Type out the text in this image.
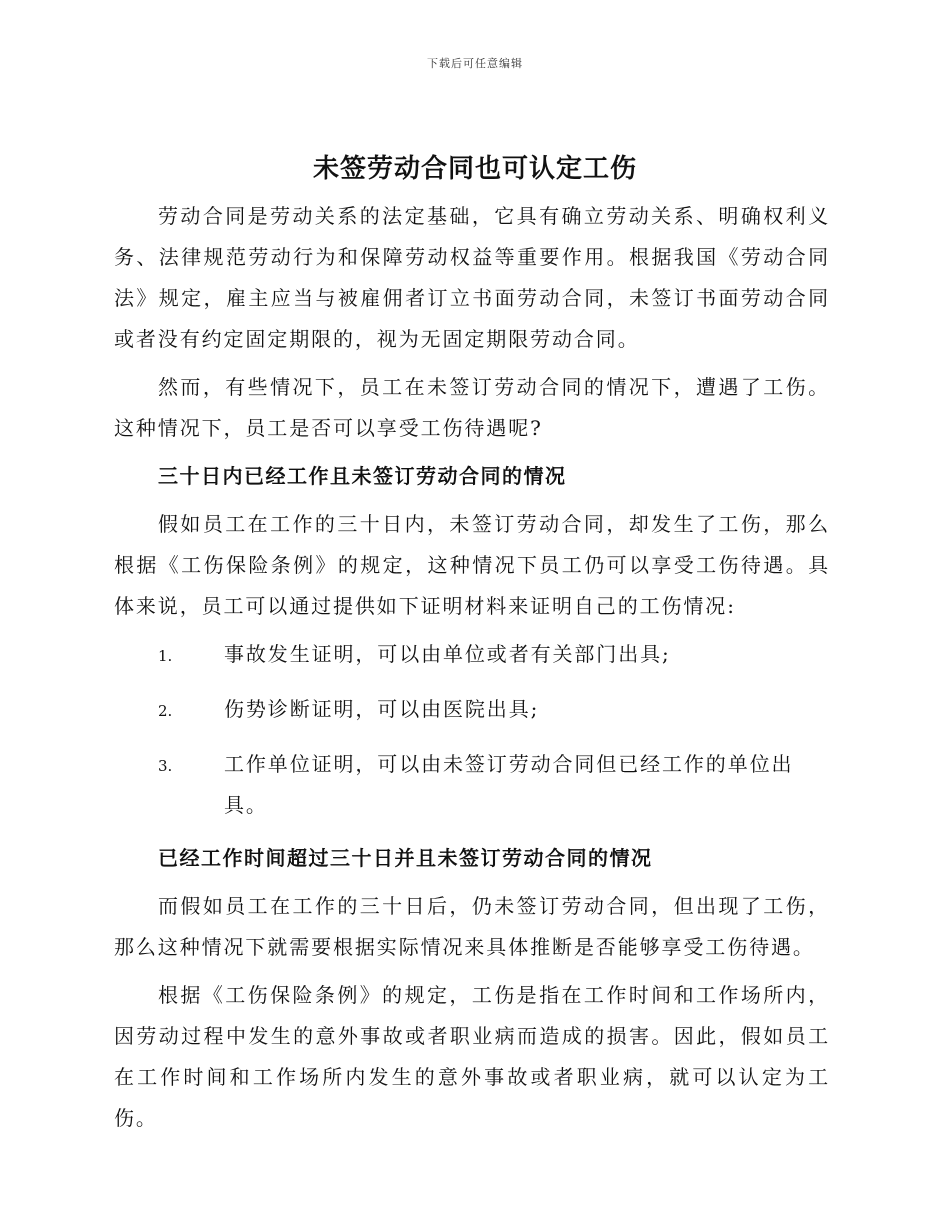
下载后可任意编辑
未签劳动合同也可认定工伤

劳动合同是劳动关系的法定基础，它具有确立劳动关系、明确权利义务、法律规范劳动行为和保障劳动权益等重要作用。根据我国《劳动合同法》规定，雇主应当与被雇佣者订立书面劳动合同，未签订书面劳动合同或者没有约定固定期限的，视为无固定期限劳动合同。

然而，有些情况下，员工在未签订劳动合同的情况下，遭遇了工伤。这种情况下，员工是否可以享受工伤待遇呢?

三十日内已经工作且未签订劳动合同的情况

假如员工在工作的三十日内，未签订劳动合同，却发生了工伤，那么根据《工伤保险条例》的规定，这种情况下员工仍可以享受工伤待遇。具体来说，员工可以通过提供如下证明材料来证明自己的工伤情况:

1.	事故发生证明，可以由单位或者有关部门出具;
2.	伤势诊断证明，可以由医院出具;
3.	工作单位证明，可以由未签订劳动合同但已经工作的单位出具。

已经工作时间超过三十日并且未签订劳动合同的情况

而假如员工在工作的三十日后，仍未签订劳动合同，但出现了工伤，那么这种情况下就需要根据实际情况来具体推断是否能够享受工伤待遇。

根据《工伤保险条例》的规定，工伤是指在工作时间和工作场所内，因劳动过程中发生的意外事故或者职业病而造成的损害。因此，假如员工在工作时间和工作场所内发生的意外事故或者职业病，就可以认定为工伤。
